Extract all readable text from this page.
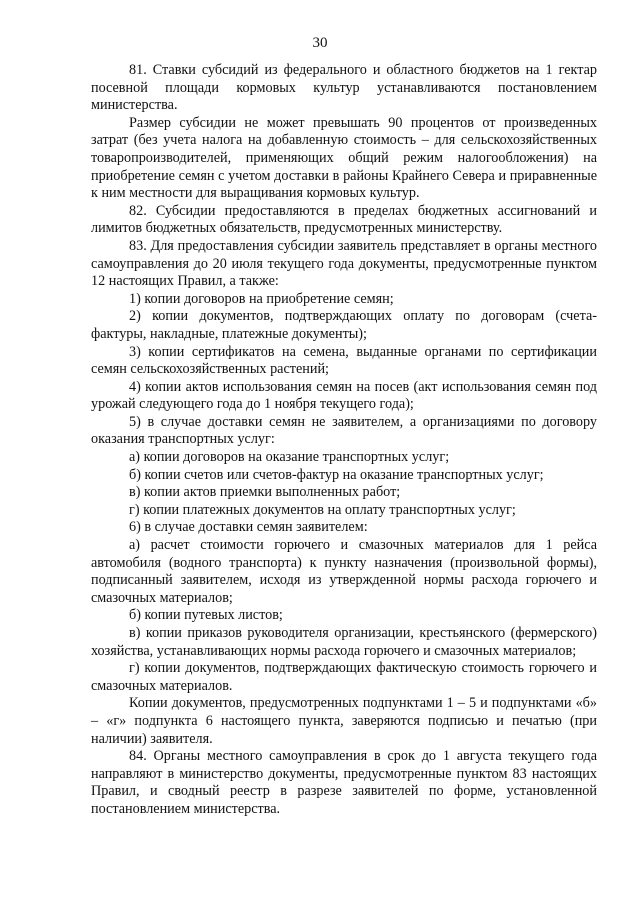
30

81. Ставки субсидий из федерального и областного бюджетов на 1 гектар посевной площади кормовых культур устанавливаются постановлением министерства.

Размер субсидии не может превышать 90 процентов от произведенных затрат (без учета налога на добавленную стоимость – для сельскохозяйственных товаропроизводителей, применяющих общий режим налогообложения) на приобретение семян с учетом доставки в районы Крайнего Севера и приравненные к ним местности для выращивания кормовых культур.

82. Субсидии предоставляются в пределах бюджетных ассигнований и лимитов бюджетных обязательств, предусмотренных министерству.

83. Для предоставления субсидии заявитель представляет в органы местного самоуправления до 20 июля текущего года документы, предусмотренные пунктом 12 настоящих Правил, а также:

1) копии договоров на приобретение семян;

2) копии документов, подтверждающих оплату по договорам (счета-фактуры, накладные, платежные документы);

3) копии сертификатов на семена, выданные органами по сертификации семян сельскохозяйственных растений;

4) копии актов использования семян на посев (акт использования семян под урожай следующего года до 1 ноября текущего года);

5) в случае доставки семян не заявителем, а организациями по договору оказания транспортных услуг:

а) копии договоров на оказание транспортных услуг;

б) копии счетов или счетов-фактур на оказание транспортных услуг;

в) копии актов приемки выполненных работ;

г) копии платежных документов на оплату транспортных услуг;

6) в случае доставки семян заявителем:

а) расчет стоимости горючего и смазочных материалов для 1 рейса автомобиля (водного транспорта) к пункту назначения (произвольной формы), подписанный заявителем, исходя из утвержденной нормы расхода горючего и смазочных материалов;

б) копии путевых листов;

в) копии приказов руководителя организации, крестьянского (фермерского) хозяйства, устанавливающих нормы расхода горючего и смазочных материалов;

г) копии документов, подтверждающих фактическую стоимость горючего и смазочных материалов.

Копии документов, предусмотренных подпунктами 1 – 5 и подпунктами «б» – «г» подпункта 6 настоящего пункта, заверяются подписью и печатью (при наличии) заявителя.

84. Органы местного самоуправления в срок до 1 августа текущего года направляют в министерство документы, предусмотренные пунктом 83 настоящих Правил, и сводный реестр в разрезе заявителей по форме, установленной постановлением министерства.
